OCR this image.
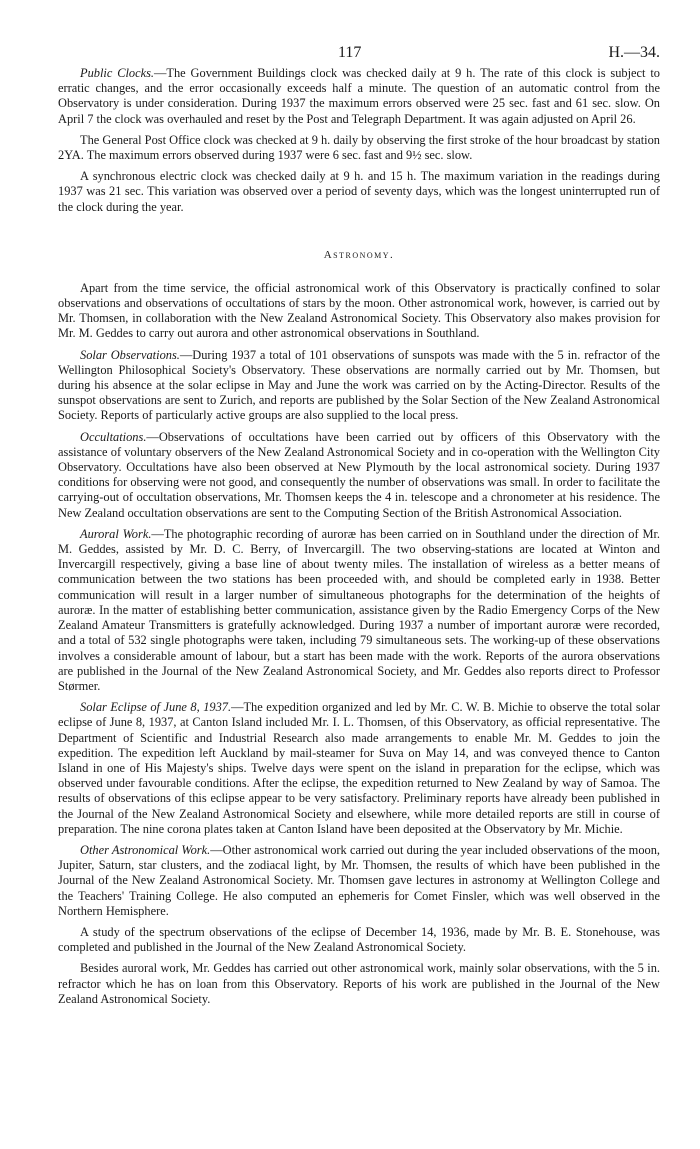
117	H.—34.

Public Clocks.—The Government Buildings clock was checked daily at 9 h. The rate of this clock is subject to erratic changes, and the error occasionally exceeds half a minute. The question of an automatic control from the Observatory is under consideration. During 1937 the maximum errors observed were 25 sec. fast and 61 sec. slow. On April 7 the clock was overhauled and reset by the Post and Telegraph Department. It was again adjusted on April 26.

The General Post Office clock was checked at 9 h. daily by observing the first stroke of the hour broadcast by station 2YA. The maximum errors observed during 1937 were 6 sec. fast and 9½ sec. slow.

A synchronous electric clock was checked daily at 9 h. and 15 h. The maximum variation in the readings during 1937 was 21 sec. This variation was observed over a period of seventy days, which was the longest uninterrupted run of the clock during the year.

Astronomy.

Apart from the time service, the official astronomical work of this Observatory is practically confined to solar observations and observations of occultations of stars by the moon. Other astronomical work, however, is carried out by Mr. Thomsen, in collaboration with the New Zealand Astronomical Society. This Observatory also makes provision for Mr. M. Geddes to carry out aurora and other astronomical observations in Southland.

Solar Observations.—During 1937 a total of 101 observations of sunspots was made with the 5 in. refractor of the Wellington Philosophical Society's Observatory. These observations are normally carried out by Mr. Thomsen, but during his absence at the solar eclipse in May and June the work was carried on by the Acting-Director. Results of the sunspot observations are sent to Zurich, and reports are published by the Solar Section of the New Zealand Astronomical Society. Reports of particularly active groups are also supplied to the local press.

Occultations.—Observations of occultations have been carried out by officers of this Observatory with the assistance of voluntary observers of the New Zealand Astronomical Society and in co-operation with the Wellington City Observatory. Occultations have also been observed at New Plymouth by the local astronomical society. During 1937 conditions for observing were not good, and consequently the number of observations was small. In order to facilitate the carrying-out of occultation observations, Mr. Thomsen keeps the 4 in. telescope and a chronometer at his residence. The New Zealand occultation observations are sent to the Computing Section of the British Astronomical Association.

Auroral Work.—The photographic recording of auroræ has been carried on in Southland under the direction of Mr. M. Geddes, assisted by Mr. D. C. Berry, of Invercargill. The two observing-stations are located at Winton and Invercargill respectively, giving a base line of about twenty miles. The installation of wireless as a better means of communication between the two stations has been proceeded with, and should be completed early in 1938. Better communication will result in a larger number of simultaneous photographs for the determination of the heights of auroræ. In the matter of establishing better communication, assistance given by the Radio Emergency Corps of the New Zealand Amateur Transmitters is gratefully acknowledged. During 1937 a number of important auroræ were recorded, and a total of 532 single photographs were taken, including 79 simultaneous sets. The working-up of these observations involves a considerable amount of labour, but a start has been made with the work. Reports of the aurora observations are published in the Journal of the New Zealand Astronomical Society, and Mr. Geddes also reports direct to Professor Størmer.

Solar Eclipse of June 8, 1937.—The expedition organized and led by Mr. C. W. B. Michie to observe the total solar eclipse of June 8, 1937, at Canton Island included Mr. I. L. Thomsen, of this Observatory, as official representative. The Department of Scientific and Industrial Research also made arrangements to enable Mr. M. Geddes to join the expedition. The expedition left Auckland by mail-steamer for Suva on May 14, and was conveyed thence to Canton Island in one of His Majesty's ships. Twelve days were spent on the island in preparation for the eclipse, which was observed under favourable conditions. After the eclipse, the expedition returned to New Zealand by way of Samoa. The results of observations of this eclipse appear to be very satisfactory. Preliminary reports have already been published in the Journal of the New Zealand Astronomical Society and elsewhere, while more detailed reports are still in course of preparation. The nine corona plates taken at Canton Island have been deposited at the Observatory by Mr. Michie.

Other Astronomical Work.—Other astronomical work carried out during the year included observations of the moon, Jupiter, Saturn, star clusters, and the zodiacal light, by Mr. Thomsen, the results of which have been published in the Journal of the New Zealand Astronomical Society. Mr. Thomsen gave lectures in astronomy at Wellington College and the Teachers' Training College. He also computed an ephemeris for Comet Finsler, which was well observed in the Northern Hemisphere.

A study of the spectrum observations of the eclipse of December 14, 1936, made by Mr. B. E. Stonehouse, was completed and published in the Journal of the New Zealand Astronomical Society.

Besides auroral work, Mr. Geddes has carried out other astronomical work, mainly solar observations, with the 5 in. refractor which he has on loan from this Observatory. Reports of his work are published in the Journal of the New Zealand Astronomical Society.
